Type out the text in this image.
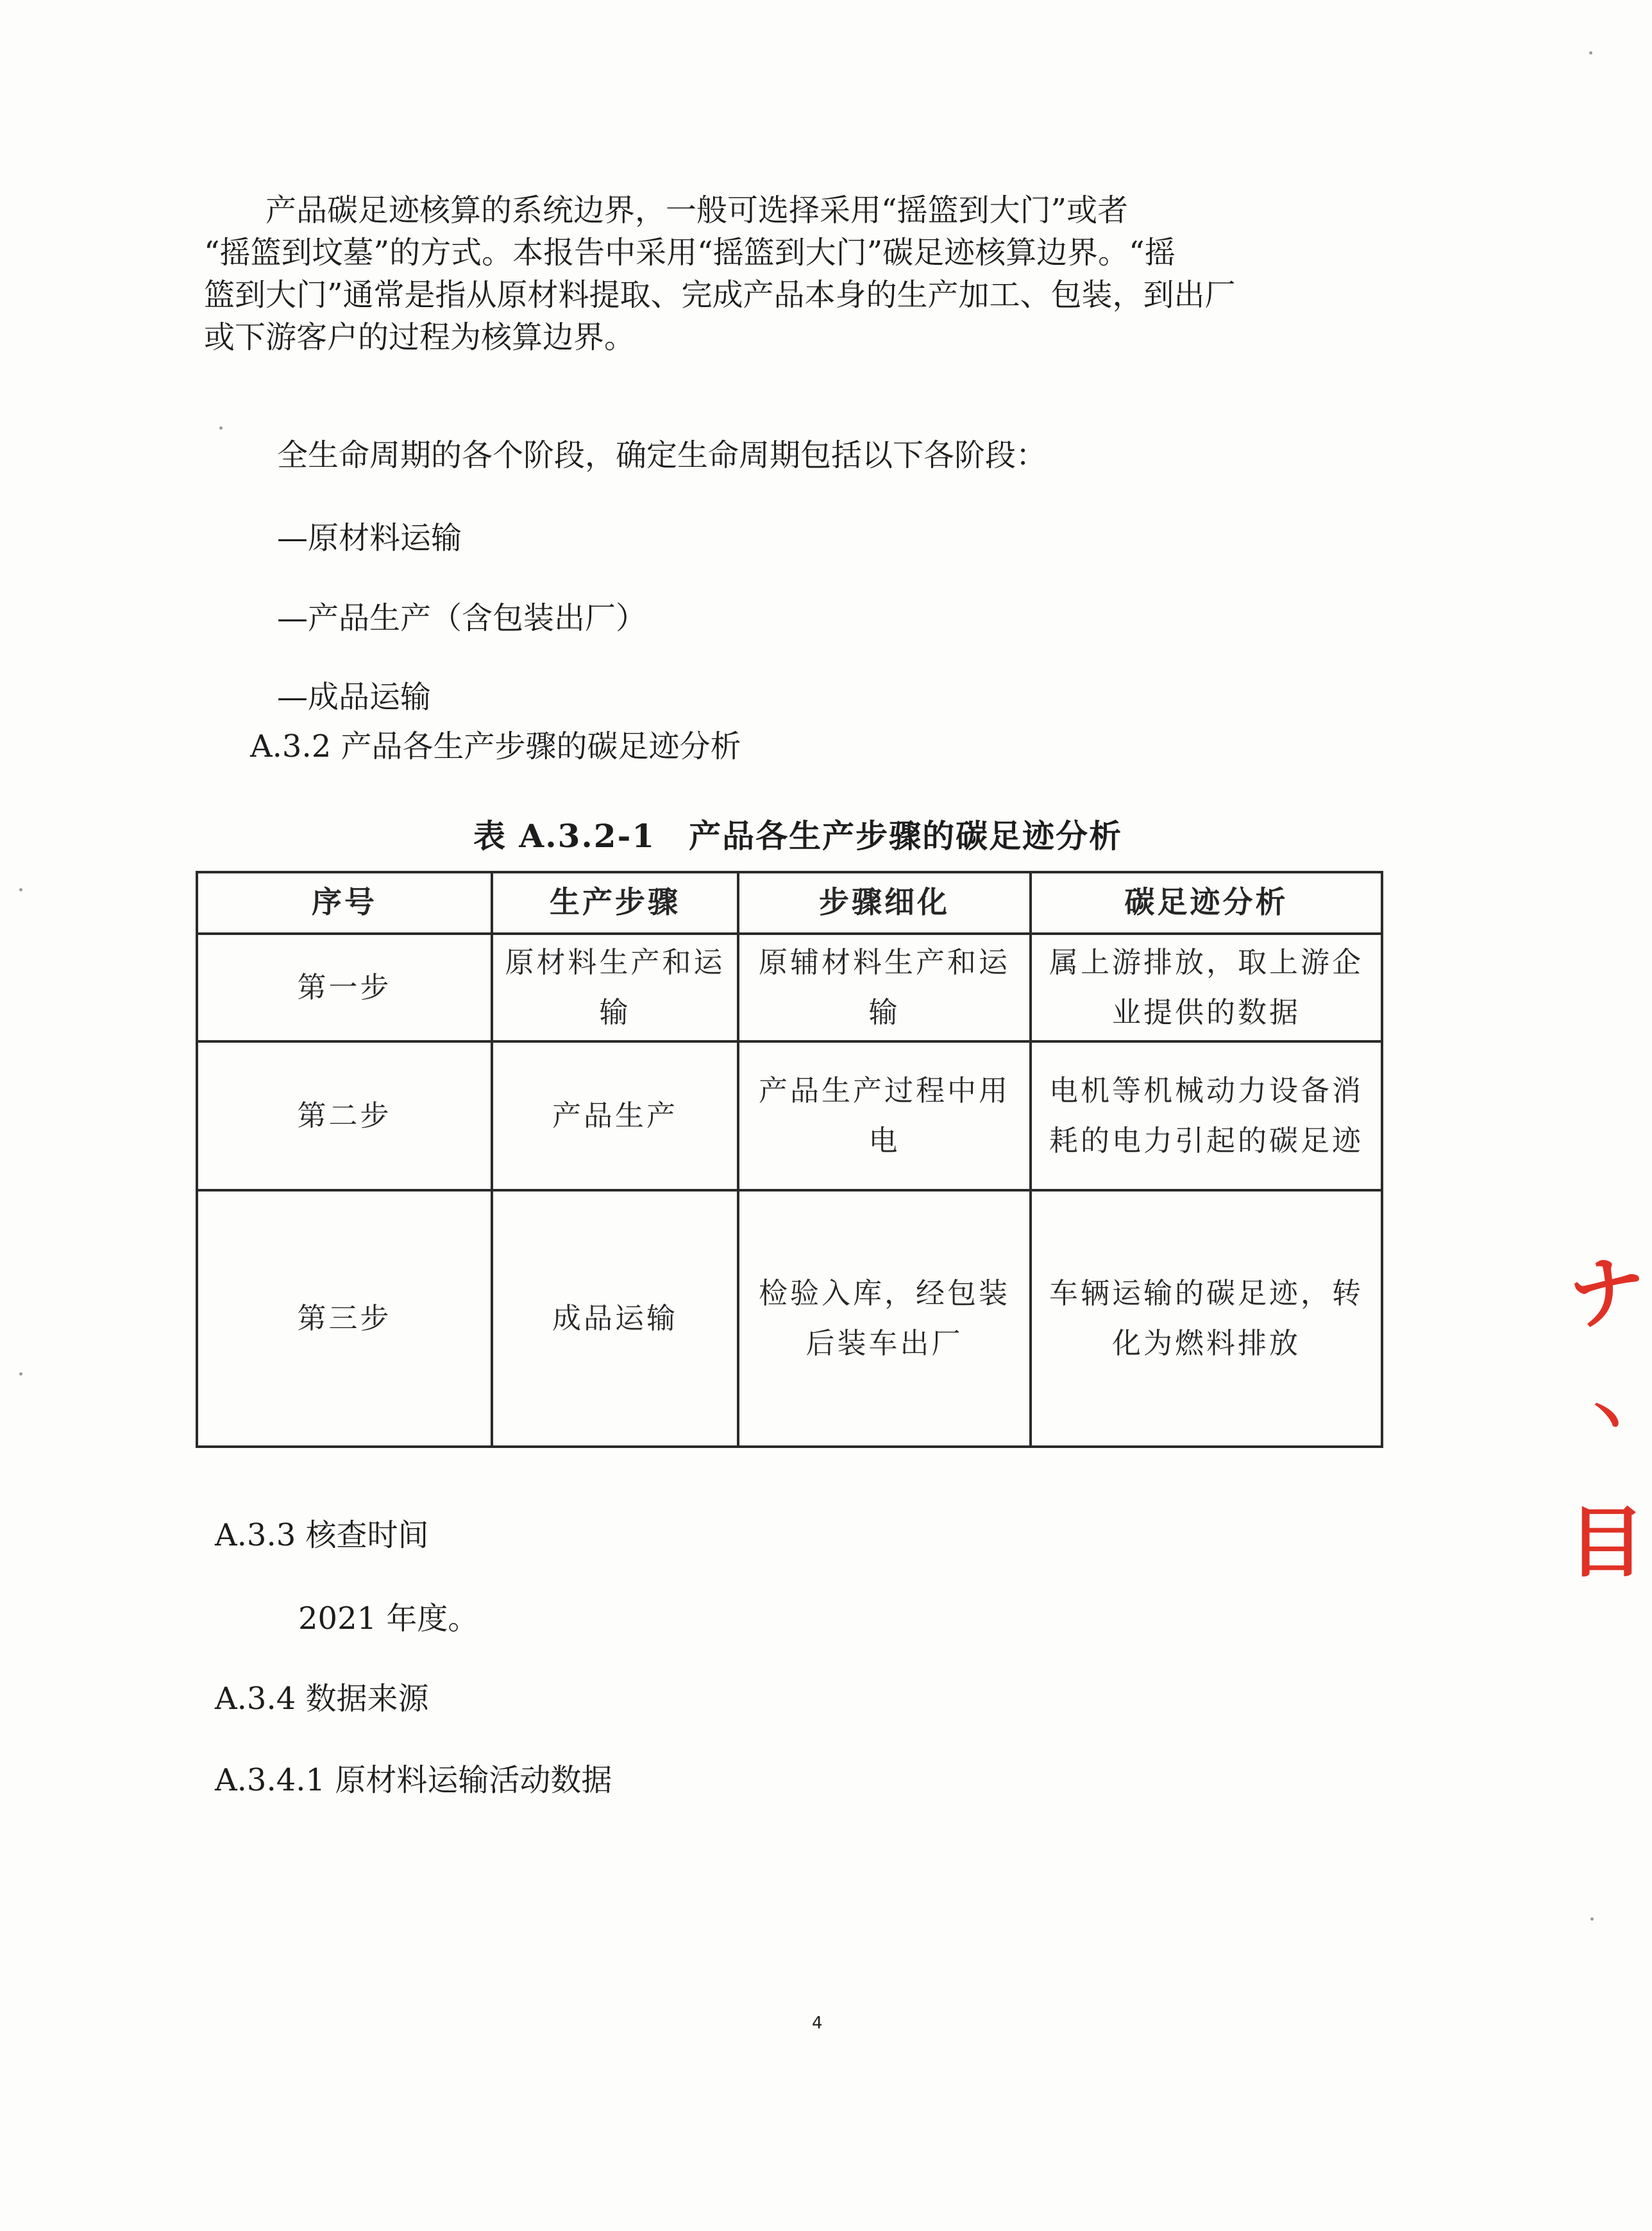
　　产品碳足迹核算的系统边界，一般可选择采用“摇篮到大门”或者

“摇篮到坟墓”的方式。本报告中采用“摇篮到大门”碳足迹核算边界。“摇

篮到大门”通常是指从原材料提取、完成产品本身的生产加工、包装，到出厂

或下游客户的过程为核算边界。

全生命周期的各个阶段，确定生命周期包括以下各阶段：

—原材料运输

—产品生产（含包装出厂）

—成品运输

A.3.2 产品各生产步骤的碳足迹分析

表 A.3.2-1　产品各生产步骤的碳足迹分析

序号	生产步骤	步骤细化	碳足迹分析
第一步	原材料生产和运输	原辅材料生产和运输	属上游排放，取上游企业提供的数据
第二步	产品生产	产品生产过程中用电	电机等机械动力设备消耗的电力引起的碳足迹
第三步	成品运输	检验入库，经包装后装车出厂	车辆运输的碳足迹，转化为燃料排放

A.3.3 核查时间

2021 年度。

A.3.4 数据来源

A.3.4.1 原材料运输活动数据

4

ナ
丶
目
